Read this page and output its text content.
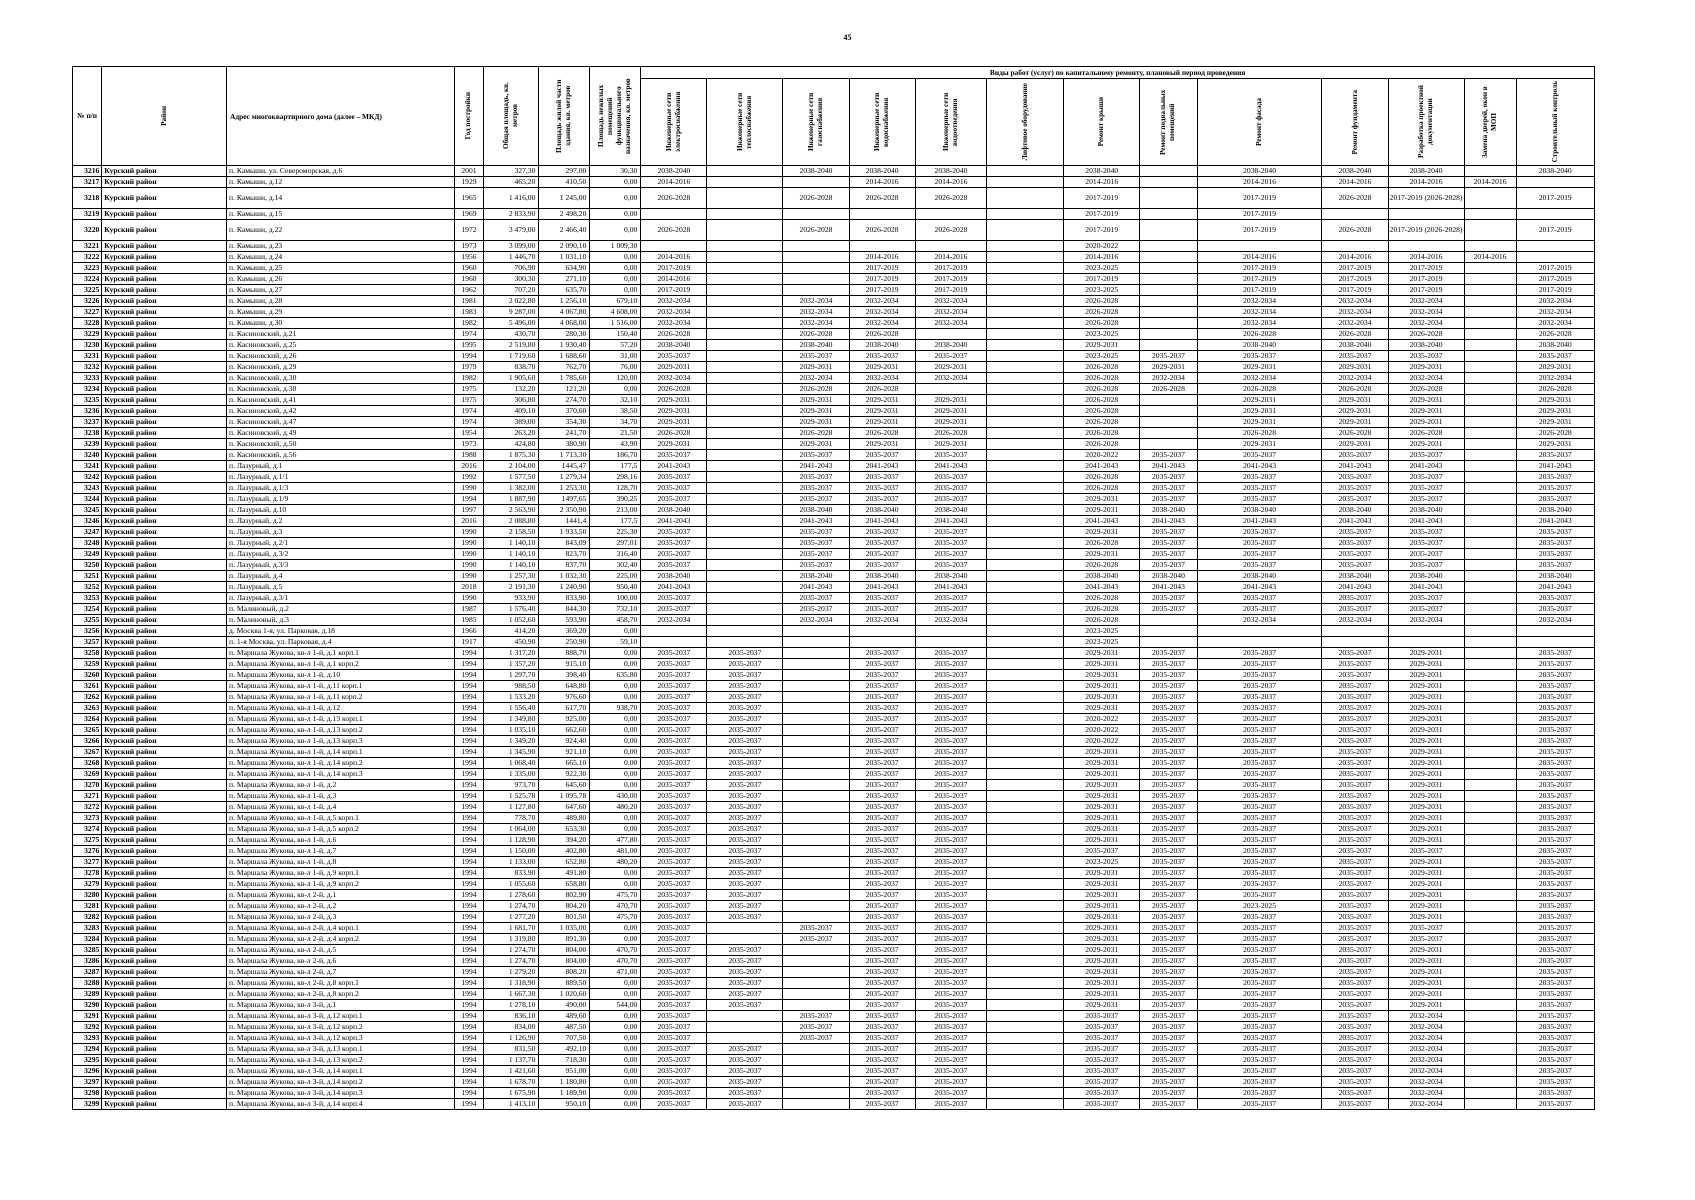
45
№ п/п	Район	Адрес многоквартирного дома (далее – МКД)	Год постройки	Общая площадь, кв. метров	Площадь жилой части здания, кв. метров	Площадь нежилых помещений функционального назначения, кв. метров	Виды работ (услуг) по капитальному ремонту, плановый период проведения												

							Инженерные сети электроснабжения	Инженерные сети теплоснабжения	Инженерные сети газоснабжения	Инженерные сети водоснабжения	Инженерные сети водоотведения	Лифтовое оборудование	Ремонт крыши	Ремонт подвальных помещений	Ремонт фасада	Ремонт фундамента	Разработка проектной документации	Замена дверей, окон в МОП	Строительный контроль

3216	Курский район	п. Камыши, ул. Североморская, д.6	2001	327,30	297,00	30,30	2038-2040		2038-2040	2038-2040	2038-2040		2038-2040		2038-2040	2038-2040	2038-2040		2038-2040
3217	Курский район	п. Камыши, д.12	1929	465,20	410,50	0,00	2014-2016			2014-2016	2014-2016		2014-2016		2014-2016	2014-2016	2014-2016	2014-2016	
3218	Курский район	п. Камыши, д.14	1965	1 416,00	1 245,00	0,00	2026-2028		2026-2028	2026-2028	2026-2028		2017-2019		2017-2019	2026-2028	2017-2019 (2026-2028)		2017-2019
3219	Курский район	п. Камыши, д.15	1969	2 833,90	2 498,20	0,00							2017-2019		2017-2019				
3220	Курский район	п. Камыши, д.22	1972	3 479,00	2 466,40	0,00	2026-2028		2026-2028	2026-2028	2026-2028		2017-2019		2017-2019	2026-2028	2017-2019 (2026-2028)		2017-2019
3221	Курский район	п. Камыши, д.23	1973	3 099,00	2 090,10	1 009,30							2020-2022						
3222	Курский район	п. Камыши, д.24	1956	1 446,70	1 031,10	0,00	2014-2016			2014-2016	2014-2016		2014-2016		2014-2016	2014-2016	2014-2016	2014-2016	
3223	Курский район	п. Камыши, д.25	1960	706,90	634,90	0,00	2017-2019			2017-2019	2017-2019		2023-2025		2017-2019	2017-2019	2017-2019		2017-2019
3224	Курский район	п. Камыши, д.26	1960	300,30	271,10	0,00	2014-2016			2017-2019	2017-2019		2017-2019		2017-2019	2017-2019	2017-2019		2017-2019
3225	Курский район	п. Камыши, д.27	1962	707,20	635,70	0,00	2017-2019			2017-2019	2017-2019		2023-2025		2017-2019	2017-2019	2017-2019		2017-2019
3226	Курский район	п. Камыши, д.28	1981	2 022,80	1 256,10	679,10	2032-2034		2032-2034	2032-2034	2032-2034		2026-2028		2032-2034	2032-2034	2032-2034		2032-2034
3227	Курский район	п. Камыши, д.29	1983	9 287,00	4 067,80	4 608,00	2032-2034		2032-2034	2032-2034	2032-2034		2026-2028		2032-2034	2032-2034	2032-2034		2032-2034
3228	Курский район	п. Камыши, д.30	1982	5 496,00	4 068,00	1 516,00	2032-2034		2032-2034	2032-2034	2032-2034		2026-2028		2032-2034	2032-2034	2032-2034		2032-2034
3229	Курский район	п. Касиновский, д.21	1974	430,70	280,30	150,40	2026-2028		2026-2028	2026-2028			2023-2025		2026-2028	2026-2028	2026-2028		2026-2028
3230	Курский район	п. Касиновский, д.25	1995	2 519,80	1 930,40	57,20	2038-2040		2038-2040	2038-2040	2038-2040		2029-2031		2038-2040	2038-2040	2038-2040		2038-2040
3231	Курский район	п. Касиновский, д.26	1994	1 719,60	1 688,60	31,00	2035-2037		2035-2037	2035-2037	2035-2037		2023-2025	2035-2037	2035-2037	2035-2037	2035-2037		2035-2037
3232	Курский район	п. Касиновский, д.29	1979	838,70	762,70	76,00	2029-2031		2029-2031	2029-2031	2029-2031		2026-2028	2029-2031	2029-2031	2029-2031	2029-2031		2029-2031
3233	Курский район	п. Касиновский, д.30	1982	1 905,60	1 785,60	120,00	2032-2034		2032-2034	2032-2034	2032-2034		2026-2028	2032-2034	2032-2034	2032-2034	2032-2034		2032-2034
3234	Курский район	п. Касиновский, д.38	1975	132,20	121,20	0,00	2026-2028		2026-2028	2026-2028			2026-2028	2026-2028	2026-2028	2026-2028	2026-2028		2026-2028
3235	Курский район	п. Касиновский, д.41	1975	306,80	274,70	32,10	2029-2031		2029-2031	2029-2031	2029-2031		2026-2028		2029-2031	2029-2031	2029-2031		2029-2031
3236	Курский район	п. Касиновский, д.42	1974	409,10	370,60	38,50	2029-2031		2029-2031	2029-2031	2029-2031		2026-2028		2029-2031	2029-2031	2029-2031		2029-2031
3237	Курский район	п. Касиновский, д.47	1974	389,00	354,30	34,70	2029-2031		2029-2031	2029-2031	2029-2031		2026-2028		2029-2031	2029-2031	2029-2031		2029-2031
3238	Курский район	п. Касиновский, д.49	1954	263,20	241,70	21,50	2026-2028		2026-2028	2026-2028	2026-2028		2026-2028		2026-2028	2026-2028	2026-2028		2026-2028
3239	Курский район	п. Касиновский, д.50	1973	424,80	380,90	43,90	2029-2031		2029-2031	2029-2031	2029-2031		2026-2028		2029-2031	2029-2031	2029-2031		2029-2031
3240	Курский район	п. Касиновский, д.56	1988	1 875,30	1 713,30	186,70	2035-2037		2035-2037	2035-2037	2035-2037		2020-2022	2035-2037	2035-2037	2035-2037	2035-2037		2035-2037
3241	Курский район	п. Лазурный, д.1	2016	2 104,00	1445,47	177,5	2041-2043		2041-2043	2041-2043	2041-2043		2041-2043	2041-2043	2041-2043	2041-2043	2041-2043		2041-2043
3242	Курский район	п. Лазурный, д.1/1	1992	1 577,50	1 279,34	298,16	2035-2037		2035-2037	2035-2037	2035-2037		2026-2028	2035-2037	2035-2037	2035-2037	2035-2037		2035-2037
3243	Курский район	п. Лазурный, д.1/3	1990	1 382,00	1 253,30	128,70	2035-2037		2035-2037	2035-2037	2035-2037		2026-2028	2035-2037	2035-2037	2035-2037	2035-2037		2035-2037
3244	Курский район	п. Лазурный, д.1/9	1994	1 887,90	1497,65	390,25	2035-2037		2035-2037	2035-2037	2035-2037		2029-2031	2035-2037	2035-2037	2035-2037	2035-2037		2035-2037
3245	Курский район	п. Лазурный, д.10	1997	2 563,90	2 350,90	213,00	2038-2040		2038-2040	2038-2040	2038-2040		2029-2031	2038-2040	2038-2040	2038-2040	2038-2040		2038-2040
3246	Курский район	п. Лазурный, д.2	2016	2 088,80	1441,4	177,5	2041-2043		2041-2043	2041-2043	2041-2043		2041-2043	2041-2043	2041-2043	2041-2043	2041-2043		2041-2043
3247	Курский район	п. Лазурный, д.3	1990	2 158,50	1 933,50	225,30	2035-2037		2035-2037	2035-2037	2035-2037		2029-2031	2035-2037	2035-2037	2035-2037	2035-2037		2035-2037
3248	Курский район	п. Лазурный, д.2/1	1990	1 140,10	843,09	297,01	2035-2037		2035-2037	2035-2037	2035-2037		2026-2028	2035-2037	2035-2037	2035-2037	2035-2037		2035-2037
3249	Курский район	п. Лазурный, д.3/2	1990	1 140,10	823,70	316,40	2035-2037		2035-2037	2035-2037	2035-2037		2029-2031	2035-2037	2035-2037	2035-2037	2035-2037		2035-2037
3250	Курский район	п. Лазурный, д.3/3	1990	1 140,10	837,70	302,40	2035-2037		2035-2037	2035-2037	2035-2037		2026-2028	2035-2037	2035-2037	2035-2037	2035-2037		2035-2037
3251	Курский район	п. Лазурный, д.4	1990	1 257,30	1 032,30	225,00	2038-2040		2038-2040	2038-2040	2038-2040		2038-2040	2038-2040	2038-2040	2038-2040	2038-2040		2038-2040
3252	Курский район	п. Лазурный, д.5	2018	2 191,30	1 240,90	950,40	2041-2043		2041-2043	2041-2043	2041-2043		2041-2043	2041-2043	2041-2043	2041-2043	2041-2043		2041-2043
3253	Курский район	п. Лазурный, д.3/1	1990	933,90	833,90	100,00	2035-2037		2035-2037	2035-2037	2035-2037		2026-2028	2035-2037	2035-2037	2035-2037	2035-2037		2035-2037
3254	Курский район	п. Малиновый, д.2	1987	1 576,40	844,30	732,10	2035-2037		2035-2037	2035-2037	2035-2037		2026-2028	2035-2037	2035-2037	2035-2037	2035-2037		2035-2037
3255	Курский район	п. Малиновый, д.3	1985	1 052,60	593,90	458,70	2032-2034		2032-2034	2032-2034	2032-2034		2026-2028		2032-2034	2032-2034	2032-2034		2032-2034
3256	Курский район	д. Москва 1-я, ул. Парковая, д.18	1966	414,20	369,20	0,00							2023-2025						
3257	Курский район	п. 1-я Москва, ул. Парковая, д.4	1917	450,90	250,90	59,10							2023-2025						
3258	Курский район	п. Маршала Жукова, кв-л 1-й, д.1 корп.1	1994	1 317,20	888,70	0,00	2035-2037	2035-2037		2035-2037	2035-2037		2029-2031	2035-2037	2035-2037	2035-2037	2029-2031		2035-2037
3259	Курский район	п. Маршала Жукова, кв-л 1-й, д.1 корп.2	1994	1 357,20	915,10	0,00	2035-2037	2035-2037		2035-2037	2035-2037		2029-2031	2035-2037	2035-2037	2035-2037	2029-2031		2035-2037
3260	Курский район	п. Маршала Жукова, кв-л 1-й, д.10	1994	1 297,70	398,40	635,80	2035-2037	2035-2037		2035-2037	2035-2037		2029-2031	2035-2037	2035-2037	2035-2037	2029-2031		2035-2037
3261	Курский район	п. Маршала Жукова, кв-л 1-й, д.11 корп.1	1994	988,50	648,80	0,00	2035-2037	2035-2037		2035-2037	2035-2037		2029-2031	2035-2037	2035-2037	2035-2037	2029-2031		2035-2037
3262	Курский район	п. Маршала Жукова, кв-л 1-й, д.11 корп.2	1994	1 533,20	976,60	0,00	2035-2037	2035-2037		2035-2037	2035-2037		2029-2031	2035-2037	2035-2037	2035-2037	2029-2031		2035-2037
3263	Курский район	п. Маршала Жукова, кв-л 1-й, д.12	1994	1 556,40	617,70	938,70	2035-2037	2035-2037		2035-2037	2035-2037		2029-2031	2035-2037	2035-2037	2035-2037	2029-2031		2035-2037
3264	Курский район	п. Маршала Жукова, кв-л 1-й, д.13 корп.1	1994	1 349,80	925,00	0,00	2035-2037	2035-2037		2035-2037	2035-2037		2020-2022	2035-2037	2035-2037	2035-2037	2029-2031		2035-2037
3265	Курский район	п. Маршала Жукова, кв-л 1-й, д.13 корп.2	1994	1 035,10	662,60	0,00	2035-2037	2035-2037		2035-2037	2035-2037		2020-2022	2035-2037	2035-2037	2035-2037	2029-2031		2035-2037
3266	Курский район	п. Маршала Жукова, кв-л 1-й, д.13 корп.3	1994	1 349,20	924,40	0,00	2035-2037	2035-2037		2035-2037	2035-2037		2020-2022	2035-2037	2035-2037	2035-2037	2029-2031		2035-2037
3267	Курский район	п. Маршала Жукова, кв-л 1-й, д.14 корп.1	1994	1 345,90	921,10	0,00	2035-2037	2035-2037		2035-2037	2035-2037		2029-2031	2035-2037	2035-2037	2035-2037	2029-2031		2035-2037
3268	Курский район	п. Маршала Жукова, кв-л 1-й, д.14 корп.2	1994	1 068,40	665,10	0,00	2035-2037	2035-2037		2035-2037	2035-2037		2029-2031	2035-2037	2035-2037	2035-2037	2029-2031		2035-2037
3269	Курский район	п. Маршала Жукова, кв-л 1-й, д.14 корп.3	1994	1 335,00	922,30	0,00	2035-2037	2035-2037		2035-2037	2035-2037		2029-2031	2035-2037	2035-2037	2035-2037	2029-2031		2035-2037
3270	Курский район	п. Маршала Жукова, кв-л 1-й, д.2	1994	973,70	645,60	0,00	2035-2037	2035-2037		2035-2037	2035-2037		2029-2031	2035-2037	2035-2037	2035-2037	2029-2031		2035-2037
3271	Курский район	п. Маршала Жукова, кв-л 1-й, д.3	1994	1 525,78	1 095,78	430,00	2035-2037	2035-2037		2035-2037	2035-2037		2029-2031	2035-2037	2035-2037	2035-2037	2029-2031		2035-2037
3272	Курский район	п. Маршала Жукова, кв-л 1-й, д.4	1994	1 127,80	647,60	480,20	2035-2037	2035-2037		2035-2037	2035-2037		2029-2031	2035-2037	2035-2037	2035-2037	2029-2031		2035-2037
3273	Курский район	п. Маршала Жукова, кв-л 1-й, д.5 корп.1	1994	778,70	489,80	0,00	2035-2037	2035-2037		2035-2037	2035-2037		2029-2031	2035-2037	2035-2037	2035-2037	2029-2031		2035-2037
3274	Курский район	п. Маршала Жукова, кв-л 1-й, д.5 корп.2	1994	1 064,00	653,30	0,00	2035-2037	2035-2037		2035-2037	2035-2037		2029-2031	2035-2037	2035-2037	2035-2037	2029-2031		2035-2037
3275	Курский район	п. Маршала Жукова, кв-л 1-й, д.6	1994	1 128,90	394,20	477,80	2035-2037	2035-2037		2035-2037	2035-2037		2029-2031	2035-2037	2035-2037	2035-2037	2029-2031		2035-2037
3276	Курский район	п. Маршала Жукова, кв-л 1-й, д.7	1994	1 150,00	402,80	481,00	2035-2037	2035-2037		2035-2037	2035-2037		2035-2037	2035-2037	2035-2037	2035-2037	2035-2037		2035-2037
3277	Курский район	п. Маршала Жукова, кв-л 1-й, д.8	1994	1 133,00	652,80	480,20	2035-2037	2035-2037		2035-2037	2035-2037		2023-2025	2035-2037	2035-2037	2035-2037	2029-2031		2035-2037
3278	Курский район	п. Маршала Жукова, кв-л 1-й, д.9 корп.1	1994	833,90	491,80	0,00	2035-2037	2035-2037		2035-2037	2035-2037		2029-2031	2035-2037	2035-2037	2035-2037	2029-2031		2035-2037
3279	Курский район	п. Маршала Жукова, кв-л 1-й, д.9 корп.2	1994	1 055,60	658,80	0,00	2035-2037	2035-2037		2035-2037	2035-2037		2029-2031	2035-2037	2035-2037	2035-2037	2029-2031		2035-2037
3280	Курский район	п. Маршала Жукова, кв-л 2-й, д.1	1994	1 278,60	802,90	475,70	2035-2037	2035-2037		2035-2037	2035-2037		2029-2031	2035-2037	2035-2037	2035-2037	2029-2031		2035-2037
3281	Курский район	п. Маршала Жукова, кв-л 2-й, д.2	1994	1 274,70	804,20	470,70	2035-2037	2035-2037		2035-2037	2035-2037		2029-2031	2035-2037	2023-2025	2035-2037	2029-2031		2035-2037
3282	Курский район	п. Маршала Жукова, кв-л 2-й, д.3	1994	1 277,20	801,50	475,70	2035-2037	2035-2037		2035-2037	2035-2037		2029-2031	2035-2037	2035-2037	2035-2037	2029-2031		2035-2037
3283	Курский район	п. Маршала Жукова, кв-л 2-й, д.4 корп.1	1994	1 681,70	1 035,00	0,00	2035-2037		2035-2037	2035-2037	2035-2037		2029-2031	2035-2037	2035-2037	2035-2037	2035-2037		2035-2037
3284	Курский район	п. Маршала Жукова, кв-л 2-й, д.4 корп.2	1994	1 319,80	891,30	0,00	2035-2037		2035-2037	2035-2037	2035-2037		2029-2031	2035-2037	2035-2037	2035-2037	2035-2037		2035-2037
3285	Курский район	п. Маршала Жукова, кв-л 2-й, д.5	1994	1 274,70	804,00	470,70	2035-2037	2035-2037		2035-2037	2035-2037		2029-2031	2035-2037	2035-2037	2035-2037	2029-2031		2035-2037
3286	Курский район	п. Маршала Жукова, кв-л 2-й, д.6	1994	1 274,70	804,00	470,70	2035-2037	2035-2037		2035-2037	2035-2037		2029-2031	2035-2037	2035-2037	2035-2037	2029-2031		2035-2037
3287	Курский район	п. Маршала Жукова, кв-л 2-й, д.7	1994	1 279,20	808,20	471,00	2035-2037	2035-2037		2035-2037	2035-2037		2029-2031	2035-2037	2035-2037	2035-2037	2029-2031		2035-2037
3288	Курский район	п. Маршала Жукова, кв-л 2-й, д.8 корп.1	1994	1 318,90	889,50	0,00	2035-2037	2035-2037		2035-2037	2035-2037		2029-2031	2035-2037	2035-2037	2035-2037	2029-2031		2035-2037
3289	Курский район	п. Маршала Жукова, кв-л 2-й, д.8 корп.2	1994	1 667,30	1 020,60	0,00	2035-2037	2035-2037		2035-2037	2035-2037		2029-2031	2035-2037	2035-2037	2035-2037	2029-2031		2035-2037
3290	Курский район	п. Маршала Жукова, кв-л 3-й, д.1	1994	1 278,10	490,00	544,00	2035-2037	2035-2037		2035-2037	2035-2037		2029-2031	2035-2037	2035-2037	2035-2037	2029-2031		2035-2037
3291	Курский район	п. Маршала Жукова, кв-л 3-й, д.12 корп.1	1994	836,10	489,60	0,00	2035-2037		2035-2037	2035-2037	2035-2037		2035-2037	2035-2037	2035-2037	2035-2037	2032-2034		2035-2037
3292	Курский район	п. Маршала Жукова, кв-л 3-й, д.12 корп.2	1994	834,00	487,50	0,00	2035-2037		2035-2037	2035-2037	2035-2037		2035-2037	2035-2037	2035-2037	2035-2037	2032-2034		2035-2037
3293	Курский район	п. Маршала Жукова, кв-л 3-й, д.12 корп.3	1994	1 126,90	707,50	0,00	2035-2037		2035-2037	2035-2037	2035-2037		2035-2037	2035-2037	2035-2037	2035-2037	2032-2034		2035-2037
3294	Курский район	п. Маршала Жукова, кв-л 3-й, д.13 корп.1	1994	831,50	492,10	0,00	2035-2037	2035-2037		2035-2037	2035-2037		2035-2037	2035-2037	2035-2037	2035-2037	2032-2034		2035-2037
3295	Курский район	п. Маршала Жукова, кв-л 3-й, д.13 корп.2	1994	1 137,70	718,30	0,00	2035-2037	2035-2037		2035-2037	2035-2037		2035-2037	2035-2037	2035-2037	2035-2037	2032-2034		2035-2037
3296	Курский район	п. Маршала Жукова, кв-л 3-й, д.14 корп.1	1994	1 421,60	951,00	0,00	2035-2037	2035-2037		2035-2037	2035-2037		2035-2037	2035-2037	2035-2037	2035-2037	2032-2034		2035-2037
3297	Курский район	п. Маршала Жукова, кв-л 3-й, д.14 корп.2	1994	1 678,70	1 180,80	0,00	2035-2037	2035-2037		2035-2037	2035-2037		2035-2037	2035-2037	2035-2037	2035-2037	2032-2034		2035-2037
3298	Курский район	п. Маршала Жукова, кв-л 3-й, д.14 корп.3	1994	1 675,90	1 189,90	0,00	2035-2037	2035-2037		2035-2037	2035-2037		2035-2037	2035-2037	2035-2037	2035-2037	2032-2034		2035-2037
3299	Курский район	п. Маршала Жукова, кв-л 3-й, д.14 корп.4	1994	1 413,10	950,10	0,00	2035-2037	2035-2037		2035-2037	2035-2037		2035-2037	2035-2037	2035-2037	2035-2037	2032-2034		2035-2037
